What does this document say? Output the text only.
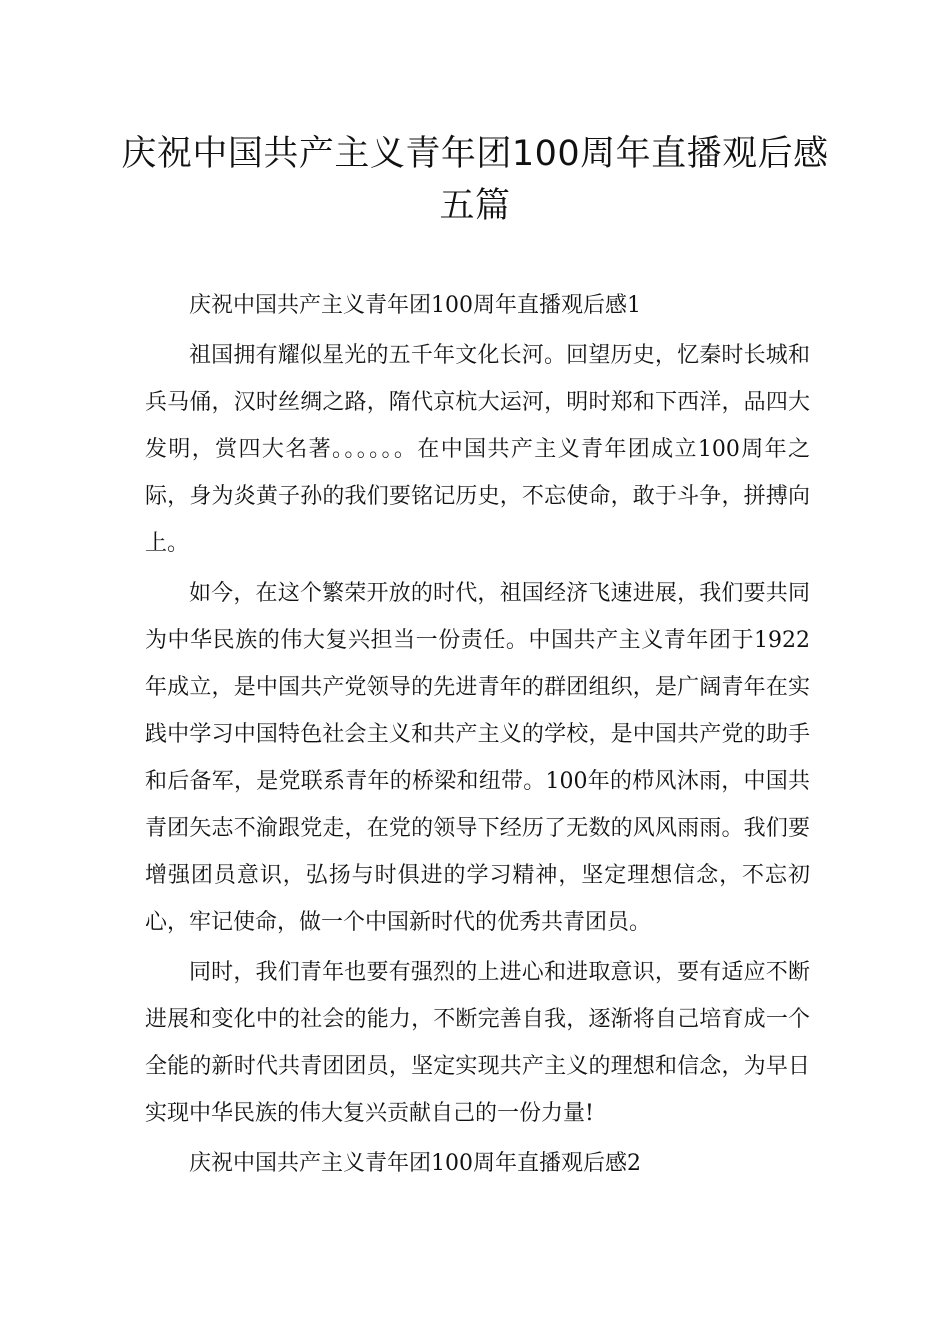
庆祝中国共产主义青年团100周年直播观后感五篇

庆祝中国共产主义青年团100周年直播观后感1

祖国拥有耀似星光的五千年文化长河。回望历史，忆秦时长城和兵马俑，汉时丝绸之路，隋代京杭大运河，明时郑和下西洋，品四大发明，赏四大名著。。。。。。在中国共产主义青年团成立100周年之际，身为炎黄子孙的我们要铭记历史，不忘使命，敢于斗争，拼搏向上。

如今，在这个繁荣开放的时代，祖国经济飞速进展，我们要共同为中华民族的伟大复兴担当一份责任。中国共产主义青年团于1922年成立，是中国共产党领导的先进青年的群团组织，是广阔青年在实践中学习中国特色社会主义和共产主义的学校，是中国共产党的助手和后备军，是党联系青年的桥梁和纽带。100年的栉风沐雨，中国共青团矢志不渝跟党走，在党的领导下经历了无数的风风雨雨。我们要增强团员意识，弘扬与时俱进的学习精神，坚定理想信念，不忘初心，牢记使命，做一个中国新时代的优秀共青团员。

同时，我们青年也要有强烈的上进心和进取意识，要有适应不断进展和变化中的社会的能力，不断完善自我，逐渐将自己培育成一个全能的新时代共青团团员，坚定实现共产主义的理想和信念，为早日实现中华民族的伟大复兴贡献自己的一份力量!

庆祝中国共产主义青年团100周年直播观后感2
